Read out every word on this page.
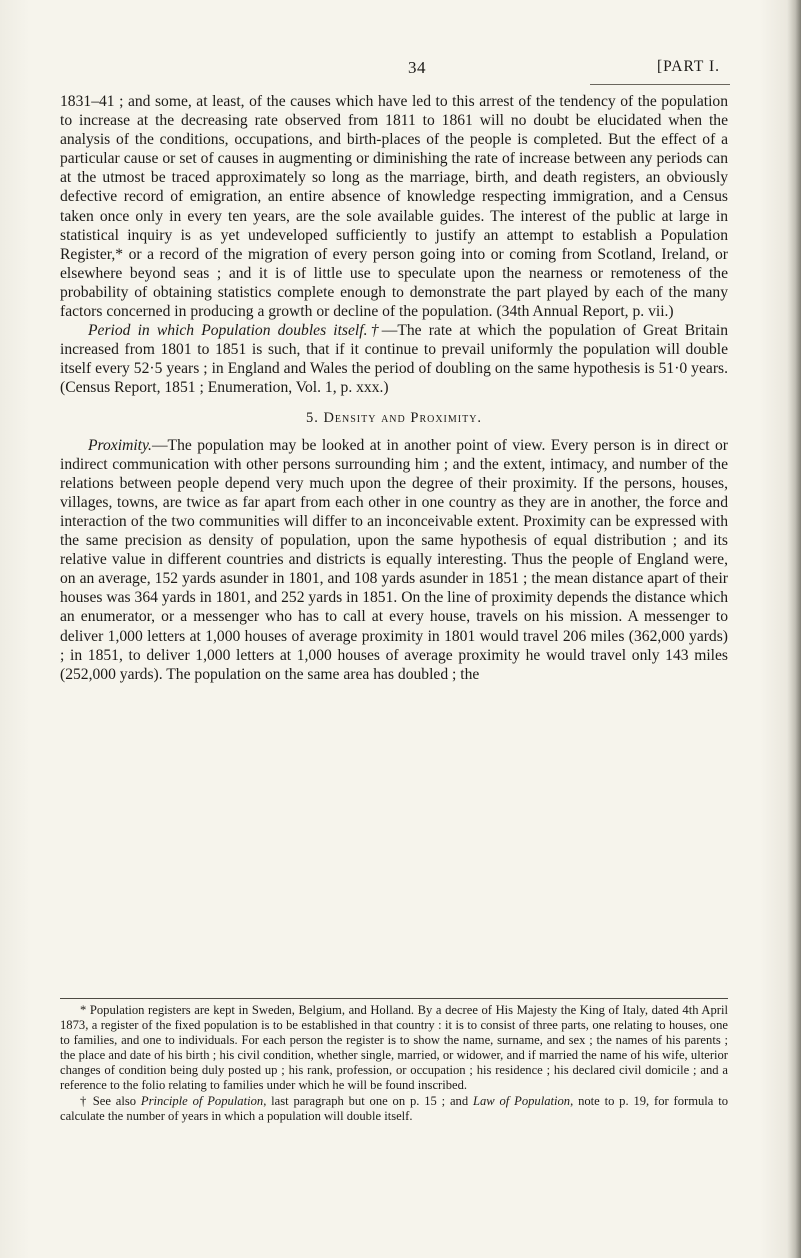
34	[PART I.

1831–41 ; and some, at least, of the causes which have led to this arrest of the tendency of the population to increase at the decreasing rate observed from 1811 to 1861 will no doubt be elucidated when the analysis of the conditions, occupations, and birth-places of the people is completed. But the effect of a particular cause or set of causes in augmenting or diminishing the rate of increase between any periods can at the utmost be traced approximately so long as the marriage, birth, and death registers, an obviously defective record of emigration, an entire absence of knowledge respecting immigration, and a Census taken once only in every ten years, are the sole available guides. The interest of the public at large in statistical inquiry is as yet undeveloped sufficiently to justify an attempt to establish a Population Register,* or a record of the migration of every person going into or coming from Scotland, Ireland, or elsewhere beyond seas ; and it is of little use to speculate upon the nearness or remoteness of the probability of obtaining statistics complete enough to demonstrate the part played by each of the many factors concerned in producing a growth or decline of the population. (34th Annual Report, p. vii.)

Period in which Population doubles itself.†—The rate at which the population of Great Britain increased from 1801 to 1851 is such, that if it continue to prevail uniformly the population will double itself every 52·5 years ; in England and Wales the period of doubling on the same hypothesis is 51·0 years. (Census Report, 1851 ; Enumeration, Vol. 1, p. xxx.)

5. Density and Proximity.

Proximity.—The population may be looked at in another point of view. Every person is in direct or indirect communication with other persons surrounding him ; and the extent, intimacy, and number of the relations between people depend very much upon the degree of their proximity. If the persons, houses, villages, towns, are twice as far apart from each other in one country as they are in another, the force and interaction of the two communities will differ to an inconceivable extent. Proximity can be expressed with the same precision as density of population, upon the same hypothesis of equal distribution ; and its relative value in different countries and districts is equally interesting. Thus the people of England were, on an average, 152 yards asunder in 1801, and 108 yards asunder in 1851 ; the mean distance apart of their houses was 364 yards in 1801, and 252 yards in 1851. On the line of proximity depends the distance which an enumerator, or a messenger who has to call at every house, travels on his mission. A messenger to deliver 1,000 letters at 1,000 houses of average proximity in 1801 would travel 206 miles (362,000 yards) ; in 1851, to deliver 1,000 letters at 1,000 houses of average proximity he would travel only 143 miles (252,000 yards). The population on the same area has doubled ; the

* Population registers are kept in Sweden, Belgium, and Holland. By a decree of His Majesty the King of Italy, dated 4th April 1873, a register of the fixed population is to be established in that country : it is to consist of three parts, one relating to houses, one to families, and one to individuals. For each person the register is to show the name, surname, and sex ; the names of his parents ; the place and date of his birth ; his civil condition, whether single, married, or widower, and if married the name of his wife, ulterior changes of condition being duly posted up ; his rank, profession, or occupation ; his residence ; his declared civil domicile ; and a reference to the folio relating to families under which he will be found inscribed.

† See also Principle of Population, last paragraph but one on p. 15 ; and Law of Population, note to p. 19, for formula to calculate the number of years in which a population will double itself.
